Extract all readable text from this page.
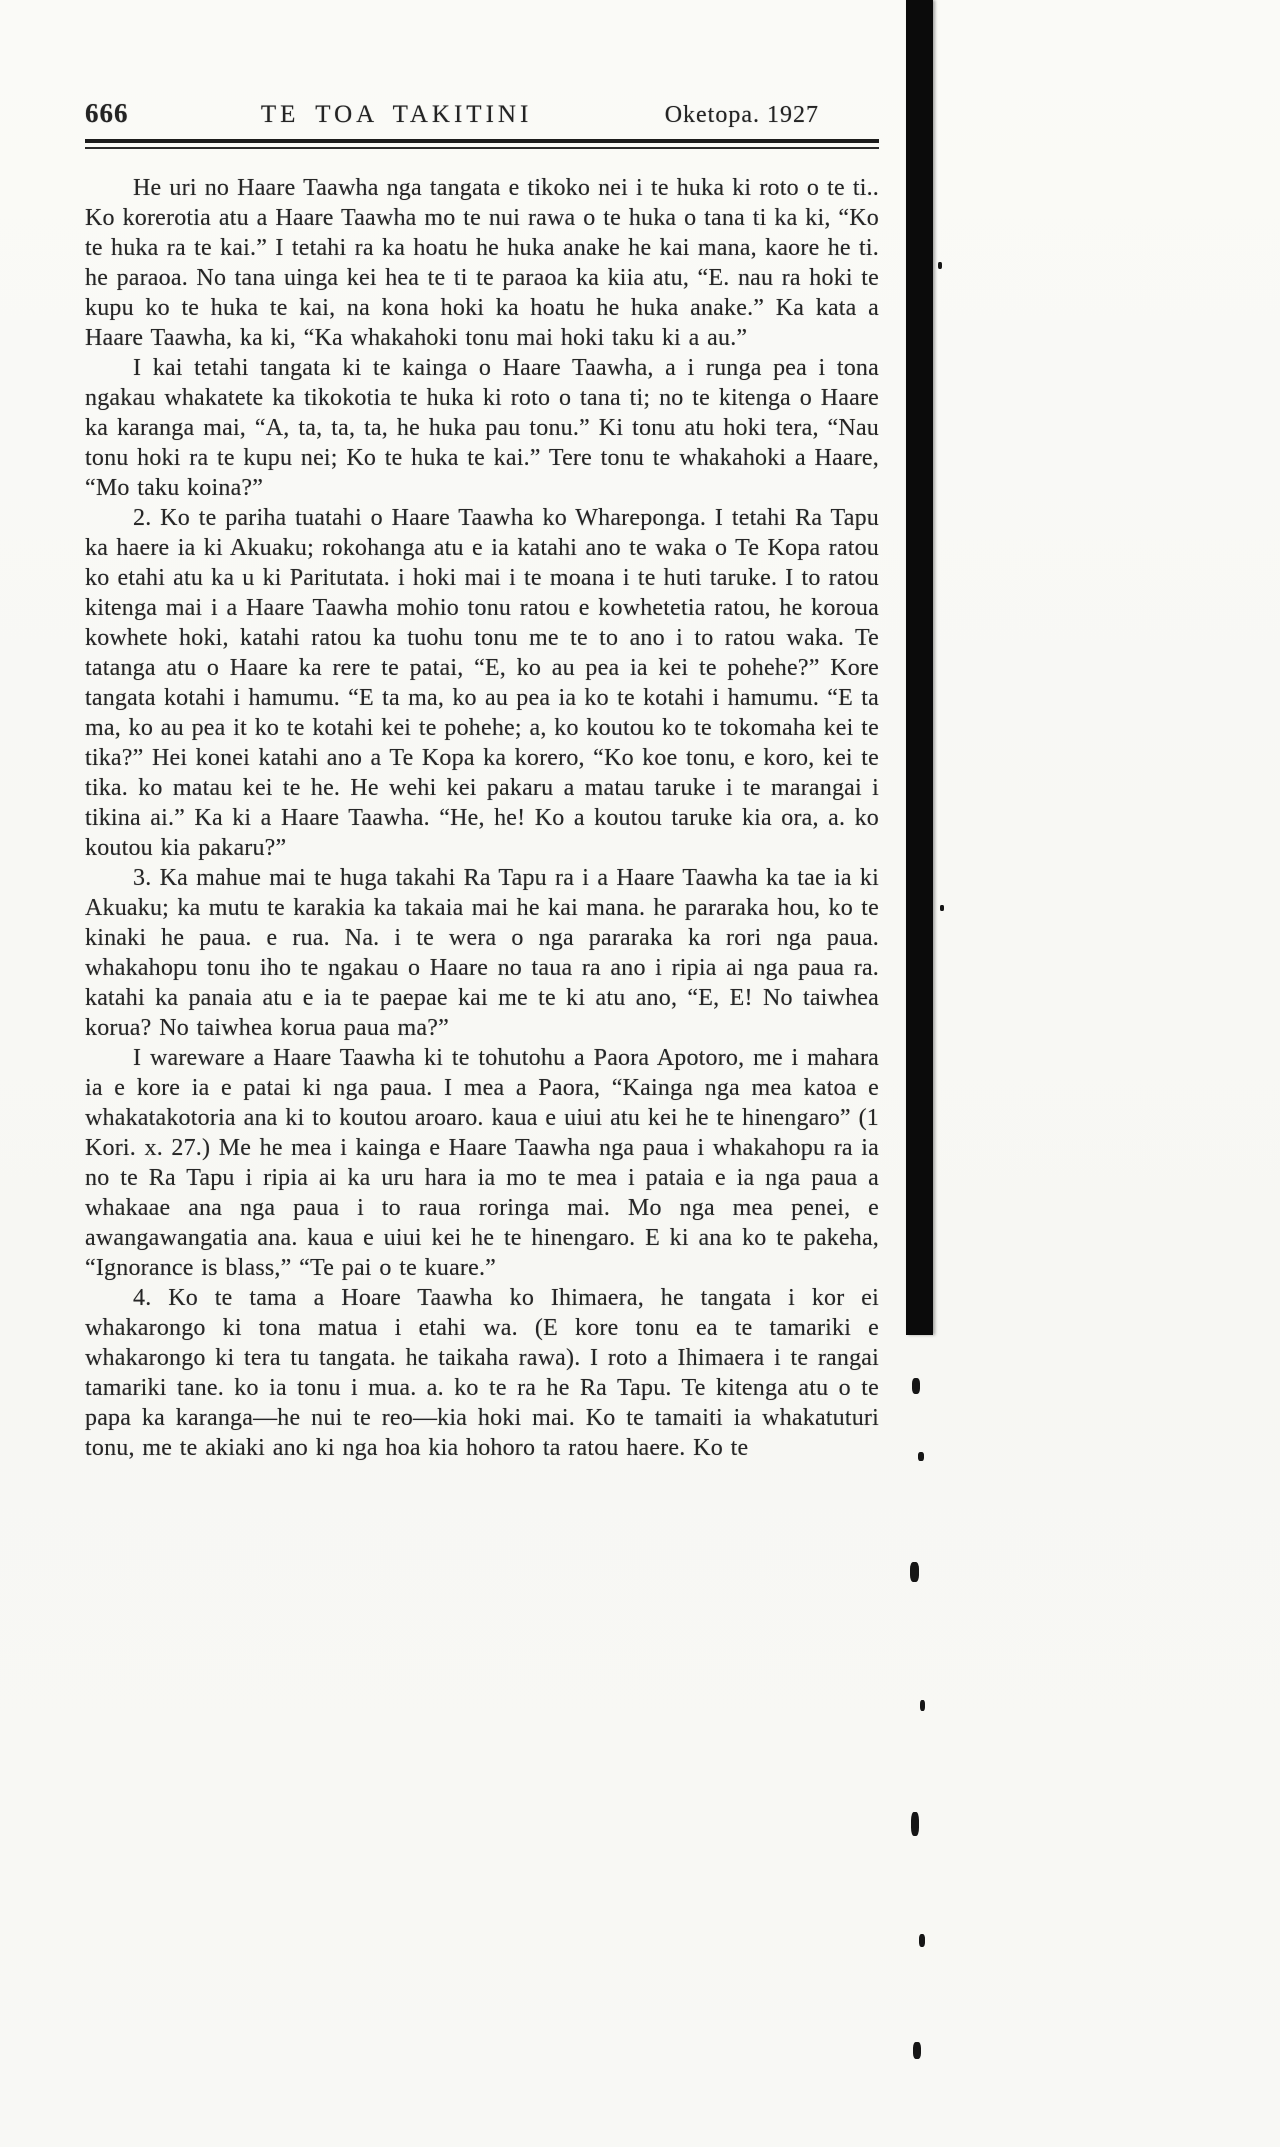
666	TE TOA TAKITINI	Oketopa. 1927

He uri no Haare Taawha nga tangata e tikoko nei i te huka ki roto o te ti.. Ko korerotia atu a Haare Taawha mo te nui rawa o te huka o tana ti ka ki, “Ko te huka ra te kai.” I tetahi ra ka hoatu he huka anake he kai mana, kaore he ti. he paraoa. No tana uinga kei hea te ti te paraoa ka kiia atu, “E. nau ra hoki te kupu ko te huka te kai, na kona hoki ka hoatu he huka anake.” Ka kata a Haare Taawha, ka ki, “Ka whakahoki tonu mai hoki taku ki a au.”

I kai tetahi tangata ki te kainga o Haare Taawha, a i runga pea i tona ngakau whakatete ka tikokotia te huka ki roto o tana ti; no te kitenga o Haare ka karanga mai, “A, ta, ta, ta, he huka pau tonu.” Ki tonu atu hoki tera, “Nau tonu hoki ra te kupu nei; Ko te huka te kai.” Tere tonu te whakahoki a Haare, “Mo taku koina?”

2. Ko te pariha tuatahi o Haare Taawha ko Whareponga. I tetahi Ra Tapu ka haere ia ki Akuaku; rokohanga atu e ia katahi ano te waka o Te Kopa ratou ko etahi atu ka u ki Paritutata. i hoki mai i te moana i te huti taruke. I to ratou kitenga mai i a Haare Taawha mohio tonu ratou e kowhetetia ratou, he koroua kowhete hoki, katahi ratou ka tuohu tonu me te to ano i to ratou waka. Te tatanga atu o Haare ka rere te patai, “E, ko au pea ia kei te pohehe?” Kore tangata kotahi i hamumu. “E ta ma, ko au pea ia ko te kotahi i hamumu. “E ta ma, ko au pea it ko te kotahi kei te pohehe; a, ko koutou ko te tokomaha kei te tika?” Hei konei katahi ano a Te Kopa ka korero, “Ko koe tonu, e koro, kei te tika. ko matau kei te he. He wehi kei pakaru a matau taruke i te marangai i tikina ai.” Ka ki a Haare Taawha. “He, he! Ko a koutou taruke kia ora, a. ko koutou kia pakaru?”

3. Ka mahue mai te huga takahi Ra Tapu ra i a Haare Taawha ka tae ia ki Akuaku; ka mutu te karakia ka takaia mai he kai mana. he pararaka hou, ko te kinaki he paua. e rua. Na. i te wera o nga pararaka ka rori nga paua. whakahopu tonu iho te ngakau o Haare no taua ra ano i ripia ai nga paua ra. katahi ka panaia atu e ia te paepae kai me te ki atu ano, “E, E! No taiwhea korua? No taiwhea korua paua ma?”

I wareware a Haare Taawha ki te tohutohu a Paora Apotoro, me i mahara ia e kore ia e patai ki nga paua. I mea a Paora, “Kainga nga mea katoa e whakatakotoria ana ki to koutou aroaro. kaua e uiui atu kei he te hinengaro” (1 Kori. x. 27.) Me he mea i kainga e Haare Taawha nga paua i whakahopu ra ia no te Ra Tapu i ripia ai ka uru hara ia mo te mea i pataia e ia nga paua a whakaae ana nga paua i to raua roringa mai. Mo nga mea penei, e awangawangatia ana. kaua e uiui kei he te hinengaro. E ki ana ko te pakeha, “Ignorance is blass,” “Te pai o te kuare.”

4. Ko te tama a Hoare Taawha ko Ihimaera, he tangata i kor ei whakarongo ki tona matua i etahi wa. (E kore tonu ea te tamariki e whakarongo ki tera tu tangata. he taikaha rawa). I roto a Ihimaera i te rangai tamariki tane. ko ia tonu i mua. a. ko te ra he Ra Tapu. Te kitenga atu o te papa ka karanga—he nui te reo—kia hoki mai. Ko te tamaiti ia whakatuturi tonu, me te akiaki ano ki nga hoa kia hohoro ta ratou haere. Ko te
